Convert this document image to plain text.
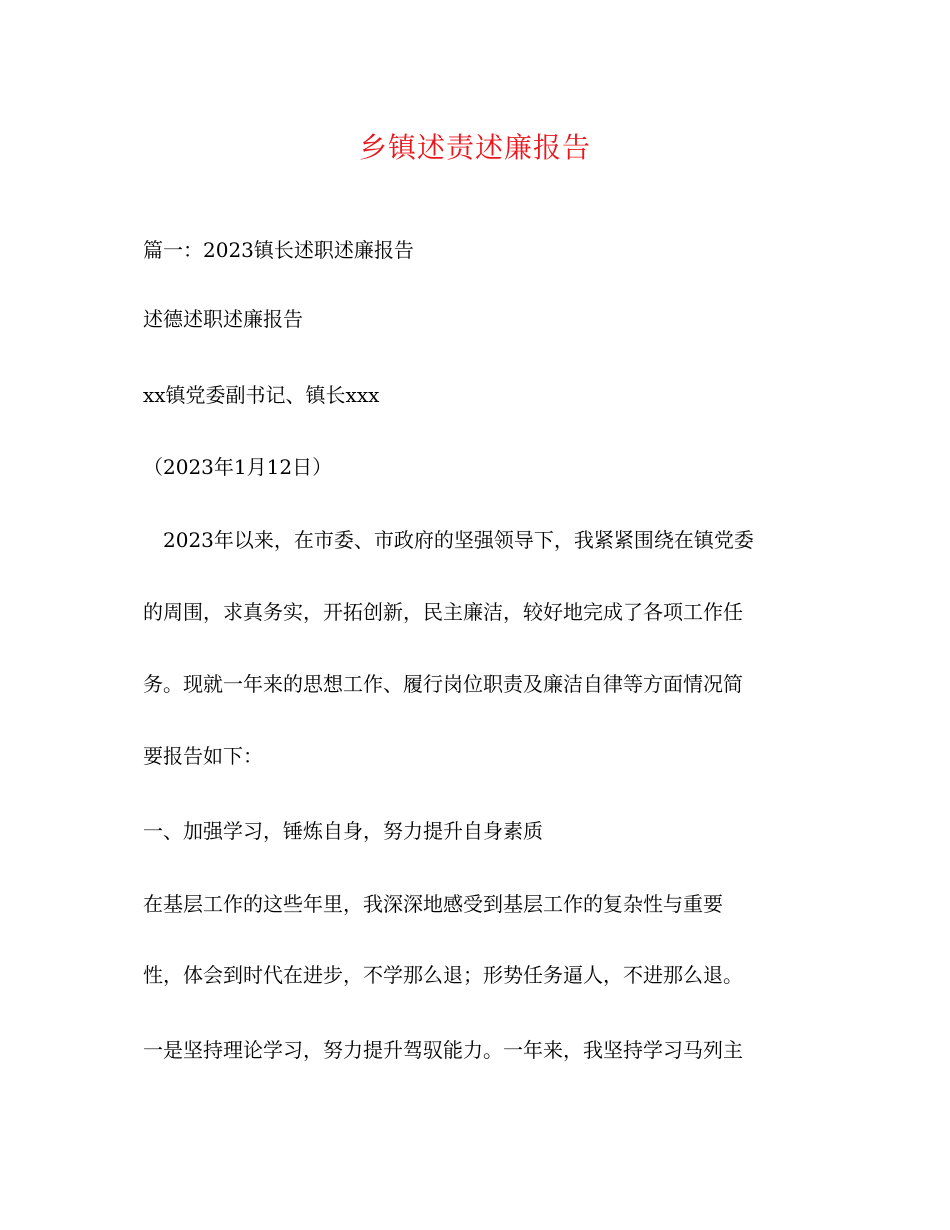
乡镇述责述廉报告

篇一：2023镇长述职述廉报告

述德述职述廉报告

xx镇党委副书记、镇长xxx

（2023年1月12日）

　2023年以来，在市委、市政府的坚强领导下，我紧紧围绕在镇党委

的周围，求真务实，开拓创新，民主廉洁，较好地完成了各项工作任

务。现就一年来的思想工作、履行岗位职责及廉洁自律等方面情况简

要报告如下：

一、加强学习，锤炼自身，努力提升自身素质

在基层工作的这些年里，我深深地感受到基层工作的复杂性与重要

性，体会到时代在进步，不学那么退；形势任务逼人，不进那么退。

一是坚持理论学习，努力提升驾驭能力。一年来，我坚持学习马列主
